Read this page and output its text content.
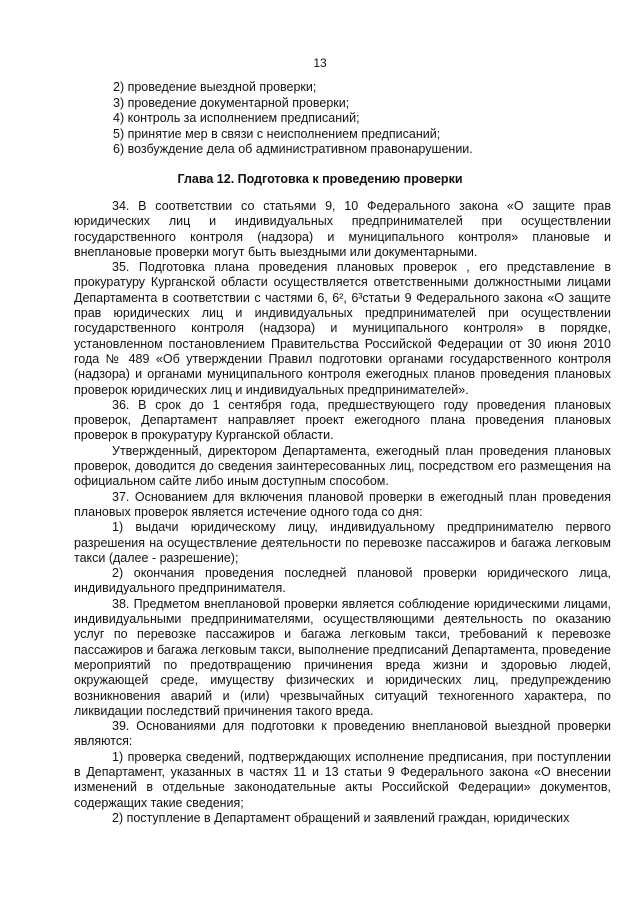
13
2) проведение выездной проверки;
3) проведение документарной проверки;
4) контроль за исполнением предписаний;
5) принятие мер в связи с неисполнением предписаний;
6) возбуждение дела об административном правонарушении.
Глава 12. Подготовка к проведению проверки

34. В соответствии со статьями 9, 10 Федерального закона «О защите прав юридических лиц и индивидуальных предпринимателей при осуществлении государственного контроля (надзора) и муниципального контроля» плановые и внеплановые проверки могут быть выездными или документарными.

35. Подготовка плана проведения плановых проверок , его представление в прокуратуру Курганской области осуществляется ответственными должностными лицами Департамента в соответствии с частями 6, 6², 6³статьи 9 Федерального закона «О защите прав юридических лиц и индивидуальных предпринимателей при осуществлении государственного контроля (надзора) и муниципального контроля» в порядке, установленном постановлением Правительства Российской Федерации от 30 июня 2010 года № 489 «Об утверждении Правил подготовки органами государственного контроля (надзора) и органами муниципального контроля ежегодных планов проведения плановых проверок юридических лиц и индивидуальных предпринимателей».

36. В срок до 1 сентября года, предшествующего году проведения плановых проверок, Департамент направляет проект ежегодного плана проведения плановых проверок в прокуратуру Курганской области.

Утвержденный, директором Департамента, ежегодный план проведения плановых проверок, доводится до сведения заинтересованных лиц, посредством его размещения на официальном сайте либо иным доступным способом.

37. Основанием для включения плановой проверки в ежегодный план проведения плановых проверок является истечение одного года со дня:

1) выдачи юридическому лицу, индивидуальному предпринимателю первого разрешения на осуществление деятельности по перевозке пассажиров и багажа легковым такси (далее - разрешение);

2) окончания проведения последней плановой проверки юридического лица, индивидуального предпринимателя.

38. Предметом внеплановой проверки является соблюдение юридическими лицами, индивидуальными предпринимателями, осуществляющими деятельность по оказанию услуг по перевозке пассажиров и багажа легковым такси, требований к перевозке пассажиров и багажа легковым такси, выполнение предписаний Департамента, проведение мероприятий по предотвращению причинения вреда жизни и здоровью людей, окружающей среде, имуществу физических и юридических лиц, предупреждению возникновения аварий и (или) чрезвычайных ситуаций техногенного характера, по ликвидации последствий причинения такого вреда.

39. Основаниями для подготовки к проведению внеплановой выездной проверки являются:

1) проверка сведений, подтверждающих исполнение предписания, при поступлении в Департамент, указанных в частях 11 и 13 статьи 9 Федерального закона «О внесении изменений в отдельные законодательные акты Российской Федерации» документов, содержащих такие сведения;

2) поступление в Департамент обращений и заявлений граждан, юридических
